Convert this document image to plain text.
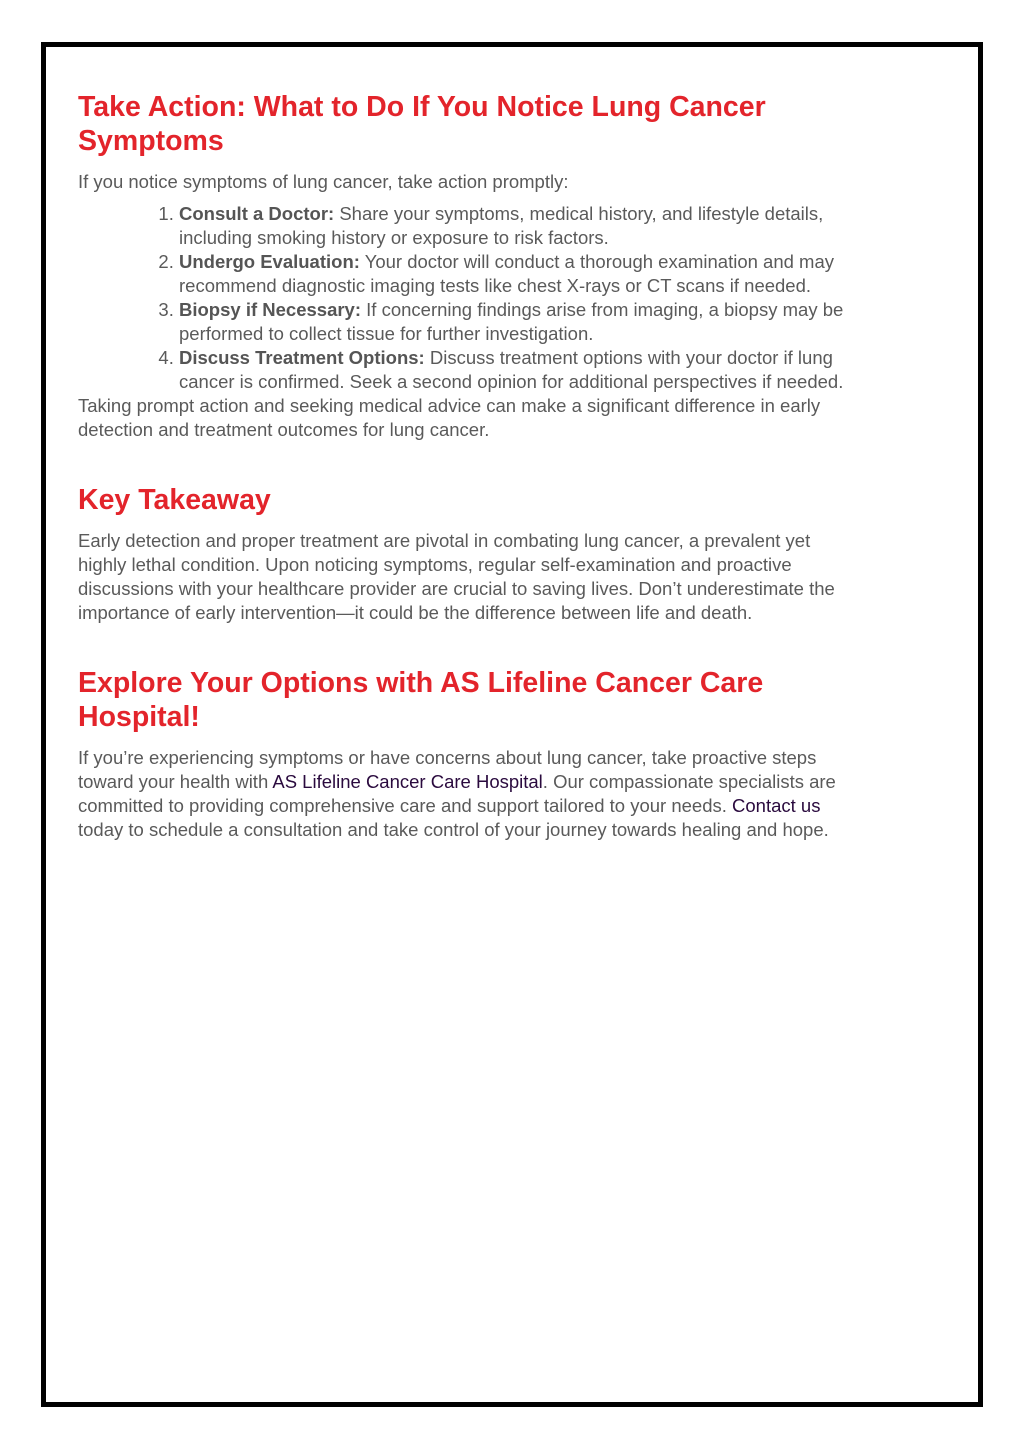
Take Action: What to Do If You Notice Lung Cancer Symptoms

If you notice symptoms of lung cancer, take action promptly:

1. Consult a Doctor: Share your symptoms, medical history, and lifestyle details, including smoking history or exposure to risk factors.
2. Undergo Evaluation: Your doctor will conduct a thorough examination and may recommend diagnostic imaging tests like chest X-rays or CT scans if needed.
3. Biopsy if Necessary: If concerning findings arise from imaging, a biopsy may be performed to collect tissue for further investigation.
4. Discuss Treatment Options: Discuss treatment options with your doctor if lung cancer is confirmed. Seek a second opinion for additional perspectives if needed.

Taking prompt action and seeking medical advice can make a significant difference in early detection and treatment outcomes for lung cancer.

Key Takeaway

Early detection and proper treatment are pivotal in combating lung cancer, a prevalent yet highly lethal condition. Upon noticing symptoms, regular self-examination and proactive discussions with your healthcare provider are crucial to saving lives. Don’t underestimate the importance of early intervention—it could be the difference between life and death.

Explore Your Options with AS Lifeline Cancer Care Hospital!

If you’re experiencing symptoms or have concerns about lung cancer, take proactive steps toward your health with AS Lifeline Cancer Care Hospital. Our compassionate specialists are committed to providing comprehensive care and support tailored to your needs. Contact us today to schedule a consultation and take control of your journey towards healing and hope.
